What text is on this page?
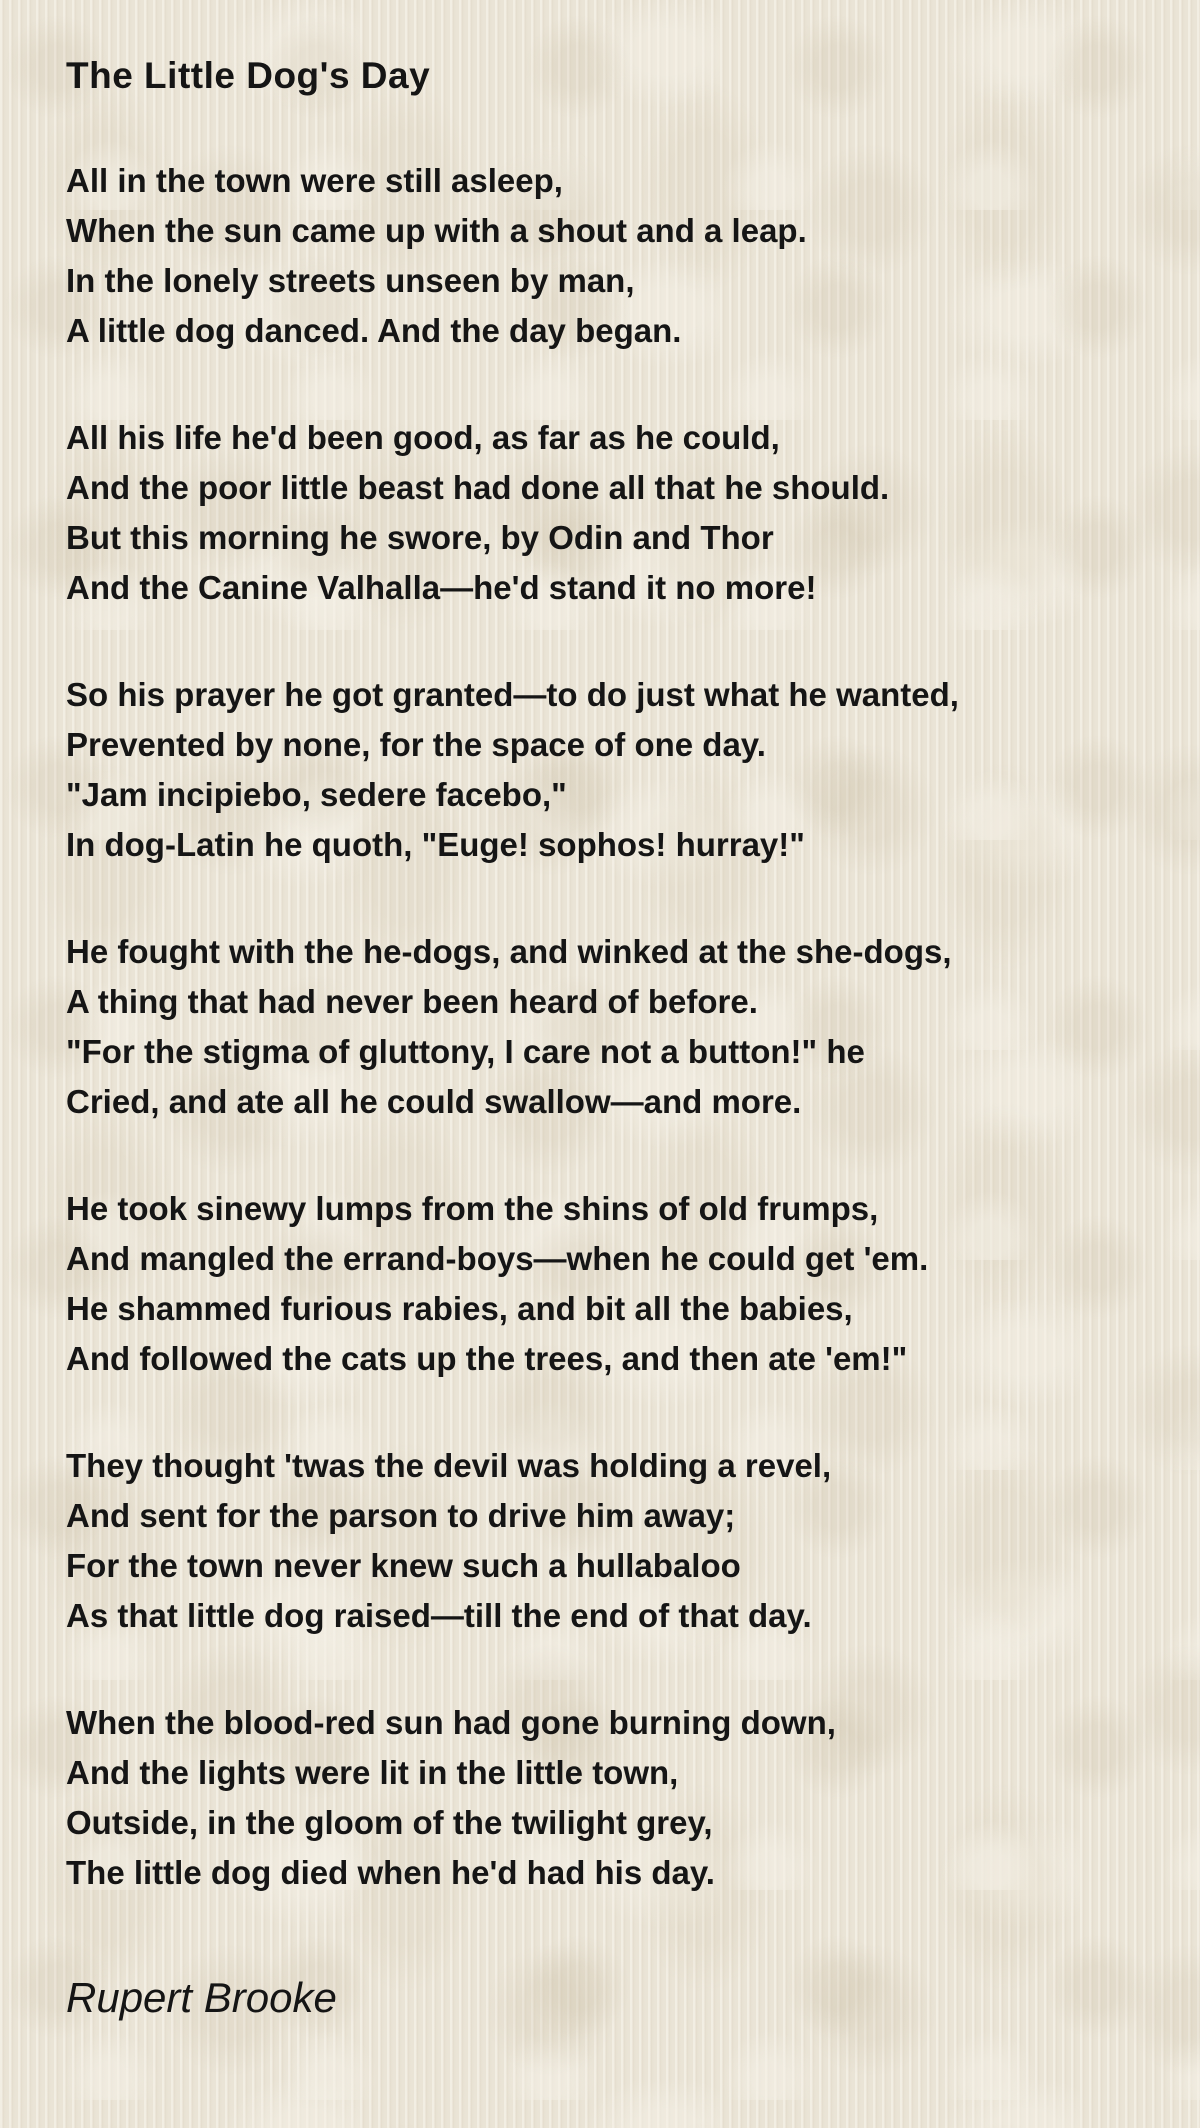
The Little Dog's Day
All in the town were still asleep,
When the sun came up with a shout and a leap.
In the lonely streets unseen by man,
A little dog danced. And the day began.
All his life he'd been good, as far as he could,
And the poor little beast had done all that he should.
But this morning he swore, by Odin and Thor
And the Canine Valhalla—he'd stand it no more!
So his prayer he got granted—to do just what he wanted,
Prevented by none, for the space of one day.
"Jam incipiebo, sedere facebo,"
In dog-Latin he quoth, "Euge! sophos! hurray!"
He fought with the he-dogs, and winked at the she-dogs,
A thing that had never been heard of before.
"For the stigma of gluttony, I care not a button!" he
Cried, and ate all he could swallow—and more.
He took sinewy lumps from the shins of old frumps,
And mangled the errand-boys—when he could get 'em.
He shammed furious rabies, and bit all the babies,
And followed the cats up the trees, and then ate 'em!"
They thought 'twas the devil was holding a revel,
And sent for the parson to drive him away;
For the town never knew such a hullabaloo
As that little dog raised—till the end of that day.
When the blood-red sun had gone burning down,
And the lights were lit in the little town,
Outside, in the gloom of the twilight grey,
The little dog died when he'd had his day.
Rupert Brooke
